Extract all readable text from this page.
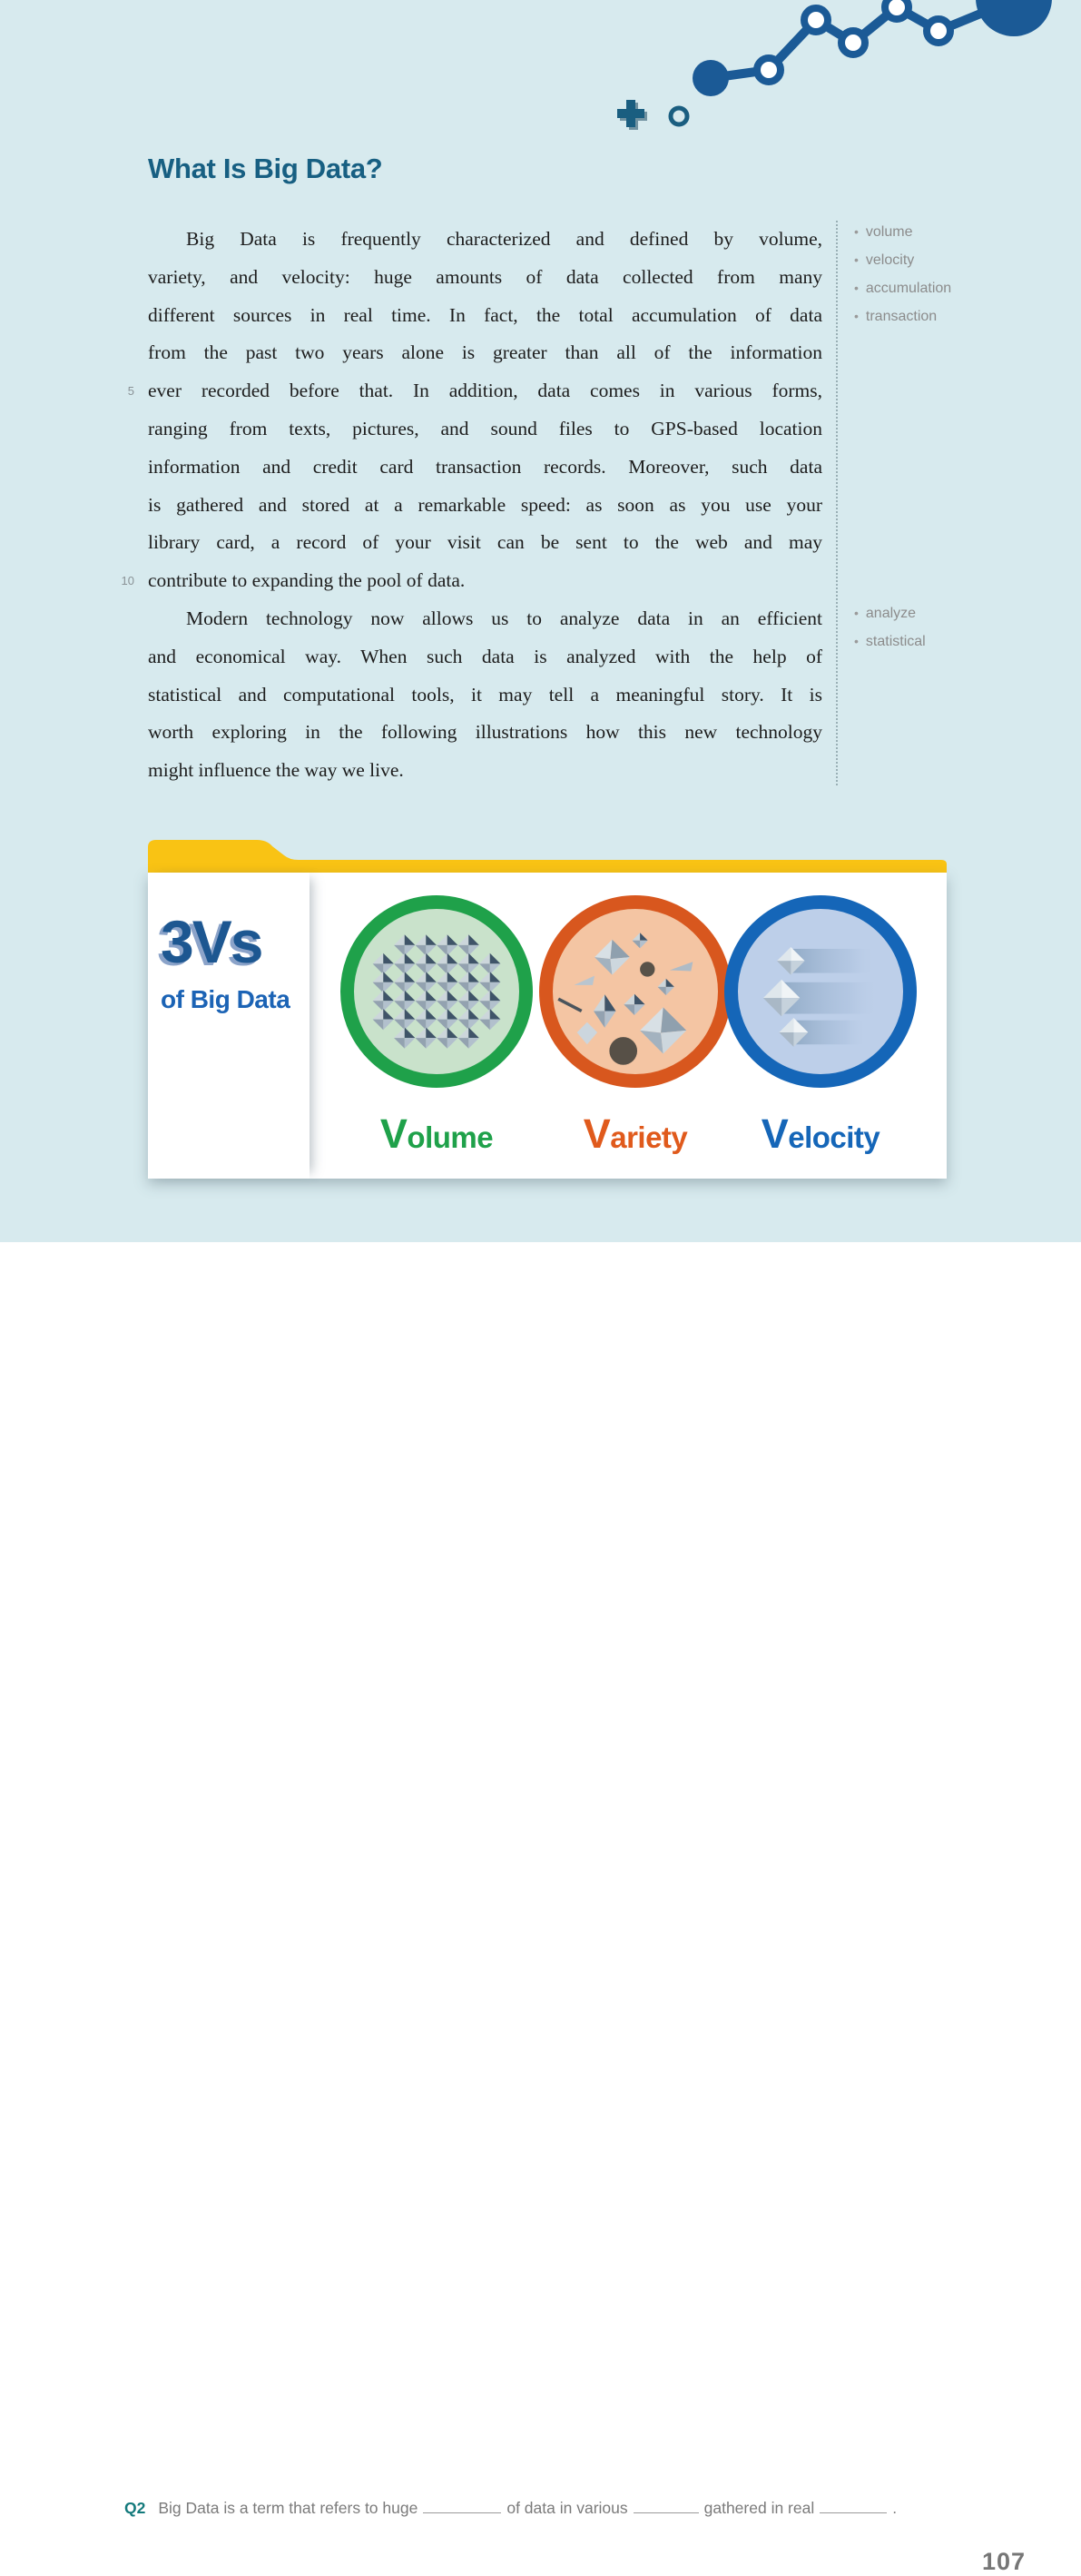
What Is Big Data?
Big Data is frequently characterized and defined by volume,
variety, and velocity: huge amounts of data collected from many
different sources in real time. In fact, the total accumulation of data
from the past two years alone is greater than all of the information
ever recorded before that. In addition, data comes in various forms,
ranging from texts, pictures, and sound files to GPS-based location
information and credit card transaction records. Moreover, such data
is gathered and stored at a remarkable speed: as soon as you use your
library card, a record of your visit can be sent to the web and may
contribute to expanding the pool of data.
Modern technology now allows us to analyze data in an efficient
and economical way. When such data is analyzed with the help of
statistical and computational tools, it may tell a meaningful story. It is
worth exploring in the following illustrations how this new technology
might influence the way we live.
5
10
• volume
• velocity
• accumulation
• transaction
• analyze
• statistical
3Vs
of Big Data
Volume	Variety	Velocity
Q2 Big Data is a term that refers to huge	of data in various	gathered in real	.
107
